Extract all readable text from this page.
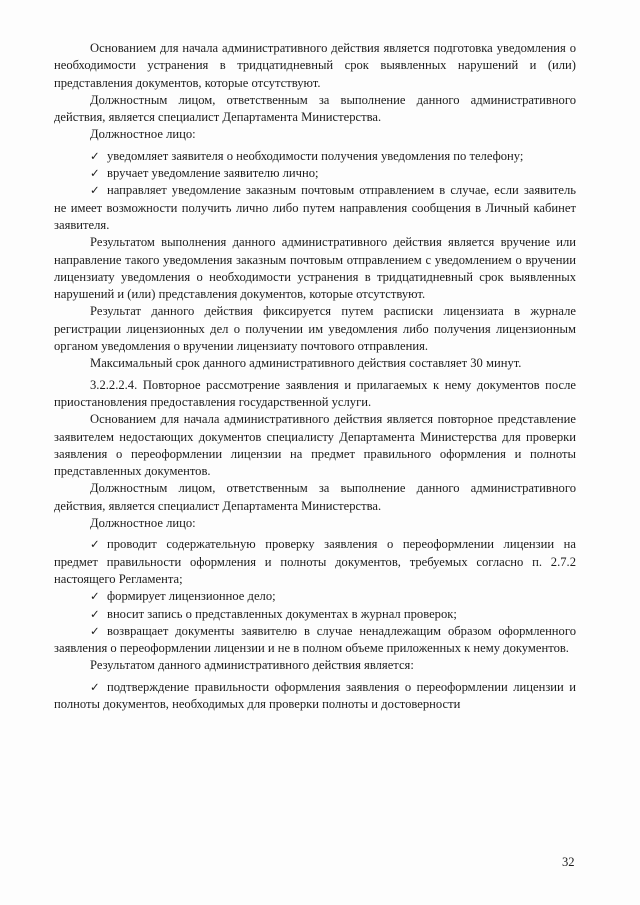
Основанием для начала административного действия является подготовка уведомления о необходимости устранения в тридцатидневный срок выявленных нарушений и (или) представления документов, которые отсутствуют.

Должностным лицом, ответственным за выполнение данного административного действия, является специалист Департамента Министерства.

Должностное лицо:

✓ уведомляет заявителя о необходимости получения уведомления по телефону;

✓ вручает уведомление заявителю лично;

✓ направляет уведомление заказным почтовым отправлением в случае, если заявитель не имеет возможности получить лично либо путем направления сообщения в Личный кабинет заявителя.

Результатом выполнения данного административного действия является вручение или направление такого уведомления заказным почтовым отправлением с уведомлением о вручении лицензиату уведомления о необходимости устранения в тридцатидневный срок выявленных нарушений и (или) представления документов, которые отсутствуют.

Результат данного действия фиксируется путем расписки лицензиата в журнале регистрации лицензионных дел о получении им уведомления либо получения лицензионным органом уведомления о вручении лицензиату почтового отправления.

Максимальный срок данного административного действия составляет 30 минут.

3.2.2.2.4. Повторное рассмотрение заявления и прилагаемых к нему документов после приостановления предоставления государственной услуги.

Основанием для начала административного действия является повторное представление заявителем недостающих документов специалисту Департамента Министерства для проверки заявления о переоформлении лицензии на предмет правильного оформления и полноты представленных документов.

Должностным лицом, ответственным за выполнение данного административного действия, является специалист Департамента Министерства.

Должностное лицо:

✓ проводит содержательную проверку заявления о переоформлении лицензии на предмет правильности оформления и полноты документов, требуемых согласно п. 2.7.2 настоящего Регламента;

✓ формирует лицензионное дело;

✓ вносит запись о представленных документах в журнал проверок;

✓ возвращает документы заявителю в случае ненадлежащим образом оформленного заявления о переоформлении лицензии и не в полном объеме приложенных к нему документов.

Результатом данного административного действия является:

✓ подтверждение правильности оформления заявления о переоформлении лицензии и полноты документов, необходимых для проверки полноты и достоверности

32
